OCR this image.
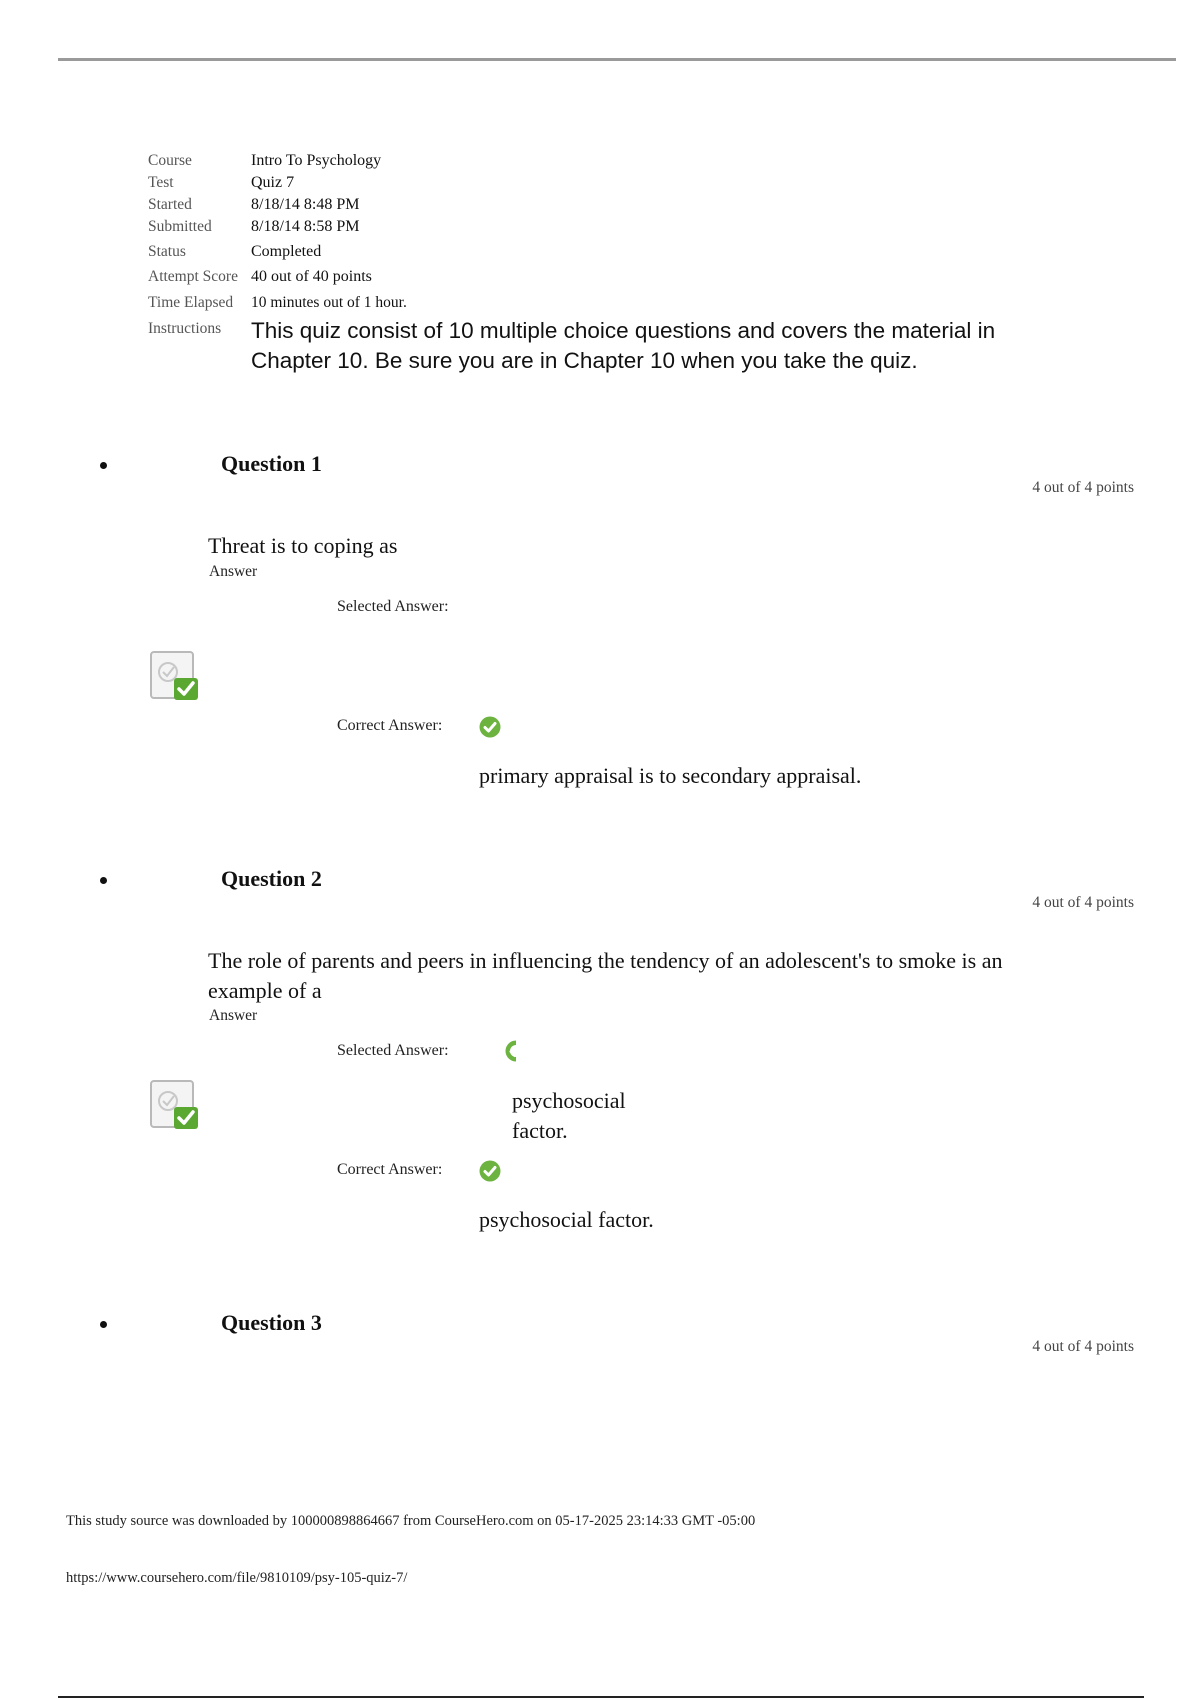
Course	Intro To Psychology
Test	Quiz 7
Started	8/18/14 8:48 PM
Submitted	8/18/14 8:58 PM
Status	Completed
Attempt Score 40 out of 40 points
Time Elapsed	10 minutes out of 1 hour.
Instructions	This quiz consist of 10 multiple choice questions and covers the material in Chapter 10. Be sure you are in Chapter 10 when you take the quiz.
Question 1
4 out of 4 points
Threat is to coping as
Answer
Selected Answer:
Correct Answer:
primary appraisal is to secondary appraisal.
Question 2
4 out of 4 points
The role of parents and peers in influencing the tendency of an adolescent's to smoke is an example of a
Answer
Selected Answer:
psychosocial factor.
Correct Answer:
psychosocial factor.
Question 3
4 out of 4 points
This study source was downloaded by 100000898864667 from CourseHero.com on 05-17-2025 23:14:33 GMT -05:00
https://www.coursehero.com/file/9810109/psy-105-quiz-7/
